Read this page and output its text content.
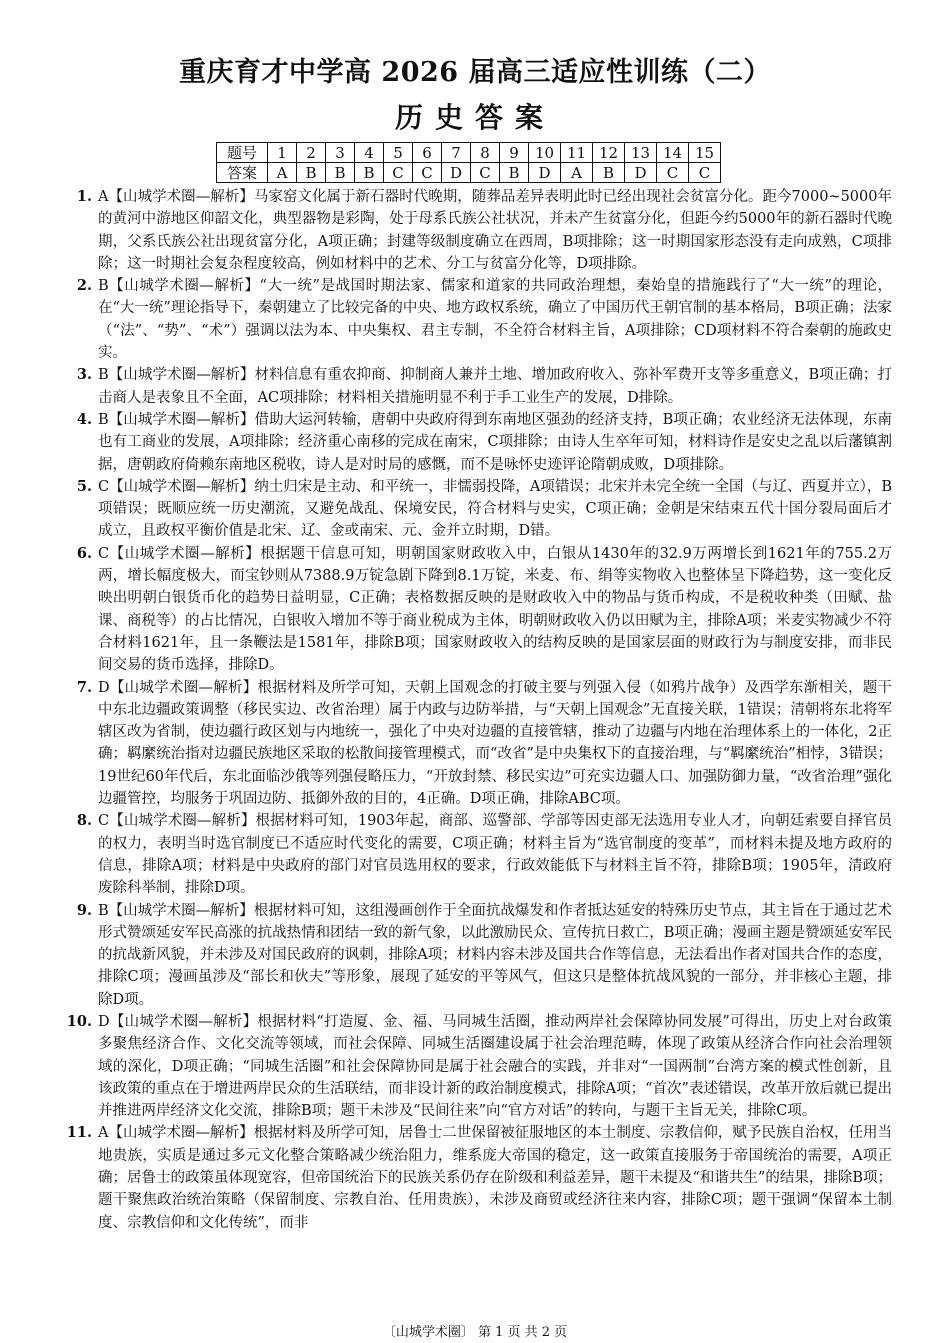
重庆育才中学高 2026 届高三适应性训练（二）
历史答案
题号	1	2	3	4	5	6	7	8	9	10	11	12	13	14	15
答案	A	B	B	B	C	C	D	C	B	D	A	B	D	C	C
1. A【山城学术圈—解析】马家窑文化属于新石器时代晚期，随葬品差异表明此时已经出现社会贫富分化。距今7000~5000年的黄河中游地区仰韶文化，典型器物是彩陶，处于母系氏族公社状况，并未产生贫富分化，但距今约5000年的新石器时代晚期，父系氏族公社出现贫富分化，A项正确；封建等级制度确立在西周，B项排除；这一时期国家形态没有走向成熟，C项排除；这一时期社会复杂程度较高，例如材料中的艺术、分工与贫富分化等，D项排除。
2. B【山城学术圈—解析】“大一统”是战国时期法家、儒家和道家的共同政治理想，秦始皇的措施践行了“大一统”的理论，在“大一统”理论指导下，秦朝建立了比较完备的中央、地方政权系统，确立了中国历代王朝官制的基本格局，B项正确；法家（“法”、“势”、“术”）强调以法为本、中央集权、君主专制，不全符合材料主旨，A项排除；CD项材料不符合秦朝的施政史实。
3. B【山城学术圈—解析】材料信息有重农抑商、抑制商人兼并土地、增加政府收入、弥补军费开支等多重意义，B项正确；打击商人是表象且不全面，AC项排除；材料相关措施明显不利于手工业生产的发展，D排除。
4. B【山城学术圈—解析】借助大运河转输，唐朝中央政府得到东南地区强劲的经济支持，B项正确；农业经济无法体现，东南也有工商业的发展，A项排除；经济重心南移的完成在南宋，C项排除；由诗人生卒年可知，材料诗作是安史之乱以后藩镇割据，唐朝政府倚赖东南地区税收，诗人是对时局的感慨，而不是咏怀史迹评论隋朝成败，D项排除。
5. C【山城学术圈—解析】纳土归宋是主动、和平统一，非懦弱投降，A项错误；北宋并未完全统一全国（与辽、西夏并立），B项错误；既顺应统一历史潮流，又避免战乱、保境安民，符合材料与史实，C项正确；金朝是宋结束五代十国分裂局面后才成立，且政权平衡价值是北宋、辽、金或南宋、元、金并立时期，D错。
6. C【山城学术圈—解析】根据题干信息可知，明朝国家财政收入中，白银从1430年的32.9万两增长到1621年的755.2万两，增长幅度极大，而宝钞则从7388.9万锭急剧下降到8.1万锭，米麦、布、绢等实物收入也整体呈下降趋势，这一变化反映出明朝白银货币化的趋势日益明显，C正确；表格数据反映的是财政收入中的物品与货币构成，不是税收种类（田赋、盐课、商税等）的占比情况，白银收入增加不等于商业税成为主体，明朝财政收入仍以田赋为主，排除A项；米麦实物减少不符合材料1621年，且一条鞭法是1581年，排除B项；国家财政收入的结构反映的是国家层面的财政行为与制度安排，而非民间交易的货币选择，排除D。
7. D【山城学术圈—解析】根据材料及所学可知，天朝上国观念的打破主要与列强入侵（如鸦片战争）及西学东渐相关，题干中东北边疆政策调整（移民实边、改省治理）属于内政与边防举措，与“天朝上国观念”无直接关联，1错误；清朝将东北将军辖区改为省制，使边疆行政区划与内地统一，强化了中央对边疆的直接管辖，推动了边疆与内地在治理体系上的一体化，2正确；羁縻统治指对边疆民族地区采取的松散间接管理模式，而“改省”是中央集权下的直接治理，与“羁縻统治”相悖，3错误；19世纪60年代后，东北面临沙俄等列强侵略压力，“开放封禁、移民实边”可充实边疆人口、加强防御力量，“改省治理”强化边疆管控，均服务于巩固边防、抵御外敌的目的，4正确。D项正确，排除ABC项。
8. C【山城学术圈—解析】根据材料可知，1903年起，商部、巡警部、学部等因吏部无法选用专业人才，向朝廷索要自择官员的权力，表明当时选官制度已不适应时代变化的需要，C项正确；材料主旨为“选官制度的变革”，而材料未提及地方政府的信息，排除A项；材料是中央政府的部门对官员选用权的要求，行政效能低下与材料主旨不符，排除B项；1905年，清政府废除科举制，排除D项。
9. B【山城学术圈—解析】根据材料可知，这组漫画创作于全面抗战爆发和作者抵达延安的特殊历史节点，其主旨在于通过艺术形式赞颂延安军民高涨的抗战热情和团结一致的新气象，以此激励民众、宣传抗日救亡，B项正确；漫画主题是赞颂延安军民的抗战新风貌，并未涉及对国民政府的讽刺，排除A项；材料内容未涉及国共合作等信息，无法看出作者对国共合作的态度，排除C项；漫画虽涉及“部长和伙夫”等形象，展现了延安的平等风气，但这只是整体抗战风貌的一部分，并非核心主题，排除D项。
10. D【山城学术圈—解析】根据材料“打造厦、金、福、马同城生活圈，推动两岸社会保障协同发展”可得出，历史上对台政策多聚焦经济合作、文化交流等领域，而社会保障、同城生活圈建设属于社会治理范畴，体现了政策从经济合作向社会治理领域的深化，D项正确；“同城生活圈”和社会保障协同是属于社会融合的实践，并非对“一国两制”台湾方案的模式性创新，且该政策的重点在于增进两岸民众的生活联结，而非设计新的政治制度模式，排除A项；“首次”表述错误，改革开放后就已提出并推进两岸经济文化交流，排除B项；题干未涉及“民间往来”向“官方对话”的转向，与题干主旨无关，排除C项。
11. A【山城学术圈—解析】根据材料及所学可知，居鲁士二世保留被征服地区的本土制度、宗教信仰，赋予民族自治权，任用当地贵族，实质是通过多元文化整合策略减少统治阻力，维系庞大帝国的稳定，这一政策直接服务于帝国统治的需要，A项正确；居鲁士的政策虽体现宽容，但帝国统治下的民族关系仍存在阶级和利益差异，题干未提及“和谐共生”的结果，排除B项；题干聚焦政治统治策略（保留制度、宗教自治、任用贵族），未涉及商贸或经济往来内容，排除C项；题干强调“保留本土制度、宗教信仰和文化传统”，而非
〔山城学术圈〕 第 1 页 共 2 页
